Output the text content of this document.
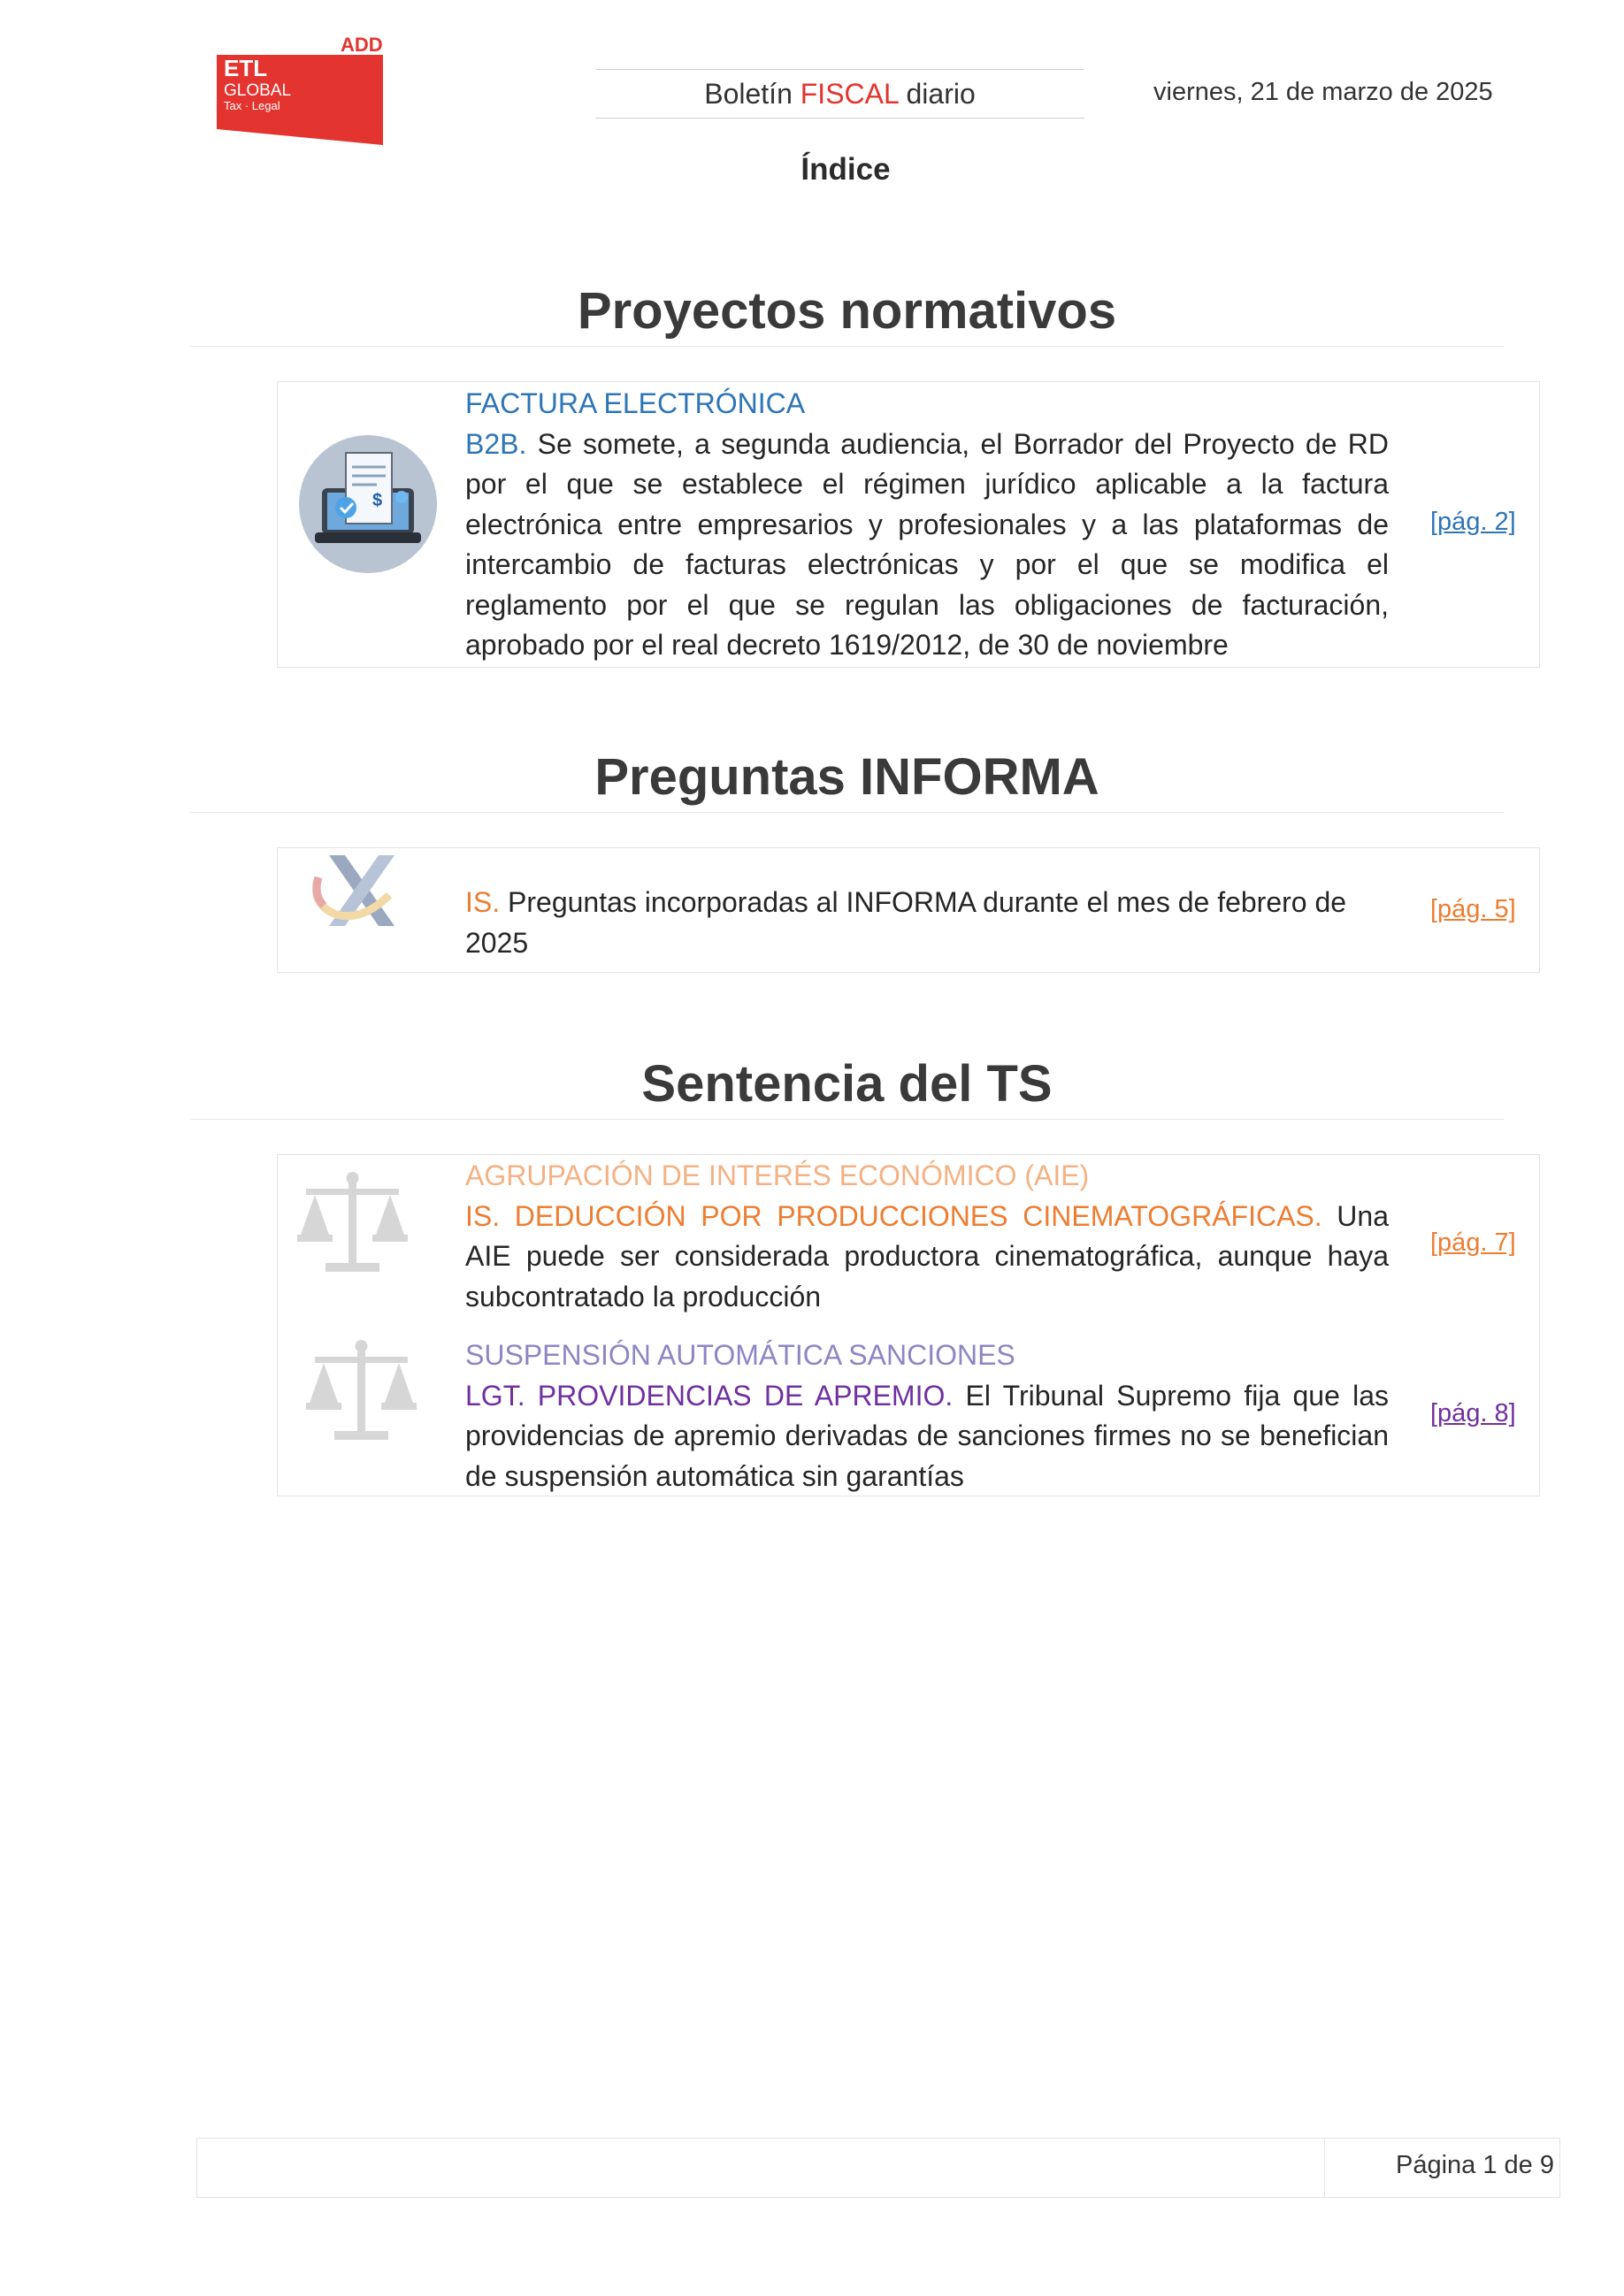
ADD
ETL
GLOBAL
Tax · Legal	Boletín FISCAL diario	viernes, 21 de marzo de 2025
Índice
Proyectos normativos
$
FACTURA ELECTRÓNICA
B2B. Se somete, a segunda audiencia, el Borrador del Proyecto de RD por el que se establece el régimen jurídico aplicable a la factura electrónica entre empresarios y profesionales y a las plataformas de intercambio de facturas electrónicas y por el que se modifica el reglamento por el que se regulan las obligaciones de facturación, aprobado por el real decreto 1619/2012, de 30 de noviembre
[pág. 2]
Preguntas INFORMA
IS. Preguntas incorporadas al INFORMA durante el mes de febrero de 2025
[pág. 5]
Sentencia del TS
AGRUPACIÓN DE INTERÉS ECONÓMICO (AIE)
IS. DEDUCCIÓN POR PRODUCCIONES CINEMATOGRÁFICAS. Una AIE puede ser considerada productora cinematográfica, aunque haya subcontratado la producción
[pág. 7]
SUSPENSIÓN AUTOMÁTICA SANCIONES
LGT. PROVIDENCIAS DE APREMIO. El Tribunal Supremo fija que las providencias de apremio derivadas de sanciones firmes no se benefician de suspensión automática sin garantías
[pág. 8]
Página 1 de 9
